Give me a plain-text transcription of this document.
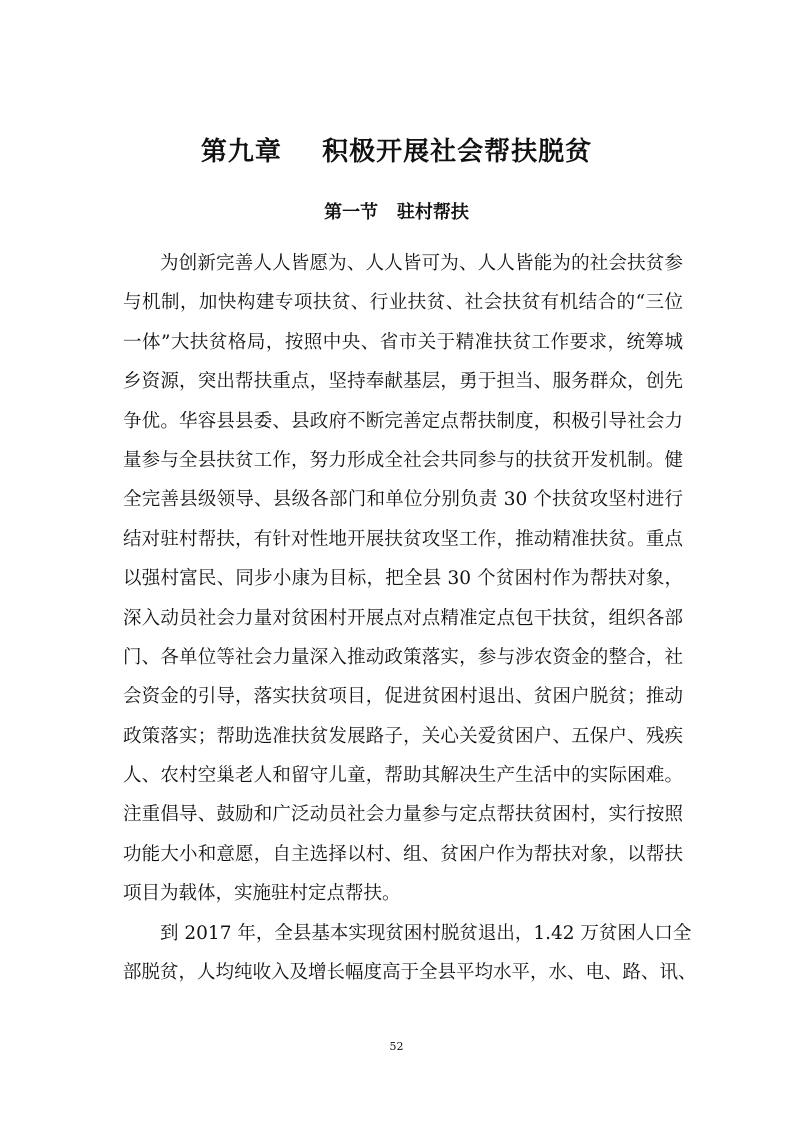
第九章    积极开展社会帮扶脱贫
第一节   驻村帮扶
为创新完善人人皆愿为、人人皆可为、人人皆能为的社会扶贫参
与机制，加快构建专项扶贫、行业扶贫、社会扶贫有机结合的“三位
一体”大扶贫格局，按照中央、省市关于精准扶贫工作要求，统筹城
乡资源，突出帮扶重点，坚持奉献基层，勇于担当、服务群众，创先
争优。华容县县委、县政府不断完善定点帮扶制度，积极引导社会力
量参与全县扶贫工作，努力形成全社会共同参与的扶贫开发机制。健
全完善县级领导、县级各部门和单位分别负责 30 个扶贫攻坚村进行
结对驻村帮扶，有针对性地开展扶贫攻坚工作，推动精准扶贫。重点
以强村富民、同步小康为目标，把全县 30 个贫困村作为帮扶对象，
深入动员社会力量对贫困村开展点对点精准定点包干扶贫，组织各部
门、各单位等社会力量深入推动政策落实，参与涉农资金的整合，社
会资金的引导，落实扶贫项目，促进贫困村退出、贫困户脱贫；推动
政策落实；帮助选准扶贫发展路子，关心关爱贫困户、五保户、残疾
人、农村空巢老人和留守儿童，帮助其解决生产生活中的实际困难。
注重倡导、鼓励和广泛动员社会力量参与定点帮扶贫困村，实行按照
功能大小和意愿，自主选择以村、组、贫困户作为帮扶对象，以帮扶
项目为载体，实施驻村定点帮扶。
到 2017 年，全县基本实现贫困村脱贫退出，1.42 万贫困人口全
部脱贫，人均纯收入及增长幅度高于全县平均水平，水、电、路、讯、
52
